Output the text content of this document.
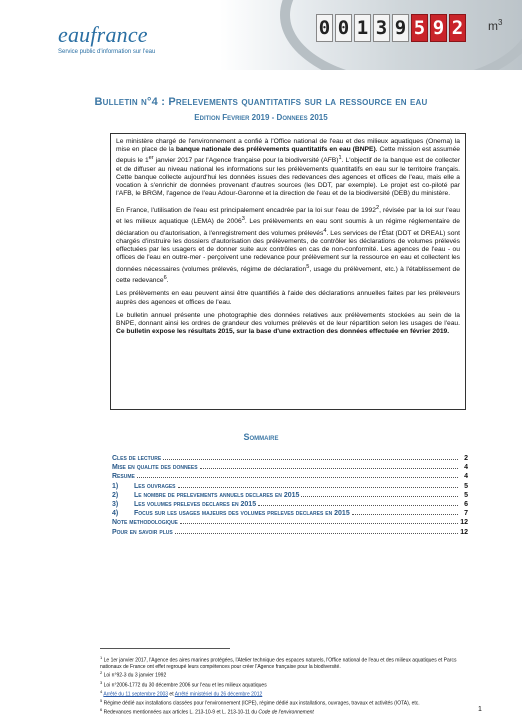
eaufrance
Service public d'information sur l'eau
0 0 1 3 9 5 9 2 $m^3$
Bulletin n°4 : Prelevements quantitatifs sur la ressource en eau
Edition Fevrier 2019 - Donnees 2015

Le ministère chargé de l'environnement a confié à l'Office national de l'eau et des milieux aquatiques (Onema) la mise en place de la banque nationale des prélèvements quantitatifs en eau (BNPE). Cette mission est assumée depuis le 1er janvier 2017 par l'Agence française pour la biodiversité (AFB)$^1$. L'objectif de la banque est de collecter et de diffuser au niveau national les informations sur les prélèvements quantitatifs en eau sur le territoire français. Cette banque collecte aujourd'hui les données issues des redevances des agences et offices de l'eau, mais elle a vocation à s'enrichir de données provenant d'autres sources (les DDT, par exemple). Le projet est co-piloté par l'AFB, le BRGM, l'agence de l'eau Adour-Garonne et la direction de l'eau et de la biodiversité (DEB) du ministère.

En France, l'utilisation de l'eau est principalement encadrée par la loi sur l'eau de 1992$^2$, révisée par la loi sur l'eau et les milieux aquatique (LEMA) de 2006$^3$. Les prélèvements en eau sont soumis à un régime réglementaire de déclaration ou d'autorisation, à l'enregistrement des volumes prélevés$^4$. Les services de l'État (DDT et DREAL) sont chargés d'instruire les dossiers d'autorisation des prélèvements, de contrôler les déclarations de volumes prélevés effectuées par les usagers et de donner suite aux contrôles en cas de non-conformité. Les agences de l'eau - ou offices de l'eau en outre-mer - perçoivent une redevance pour prélèvement sur la ressource en eau et collectent les données nécessaires (volumes prélevés, régime de déclaration$^5$, usage du prélèvement, etc.) à l'établissement de cette redevance$^6$.

Les prélèvements en eau peuvent ainsi être quantifiés à l'aide des déclarations annuelles faites par les préleveurs auprès des agences et offices de l'eau.

Le bulletin annuel présente une photographie des données relatives aux prélèvements stockées au sein de la BNPE, donnant ainsi les ordres de grandeur des volumes prélevés et de leur répartition selon les usages de l'eau. Ce bulletin expose les résultats 2015, sur la base d'une extraction des données effectuée en février 2019.

Sommaire
Cles de lecture	2
Mise en qualite des donnees	4
Resume	4
1)	Les ouvrages	5
2)	Le nombre de prelevements annuels declares en 2015	5
3)	Les volumes preleves declares en 2015	6
4)	Focus sur les usages majeurs des volumes preleves declares en 2015	7
Note methodologique	12
Pour en savoir plus	12

$^1$ Le 1er janvier 2017, l'Agence des aires marines protégées, l'Atelier technique des espaces naturels, l'Office national de l'eau et des milieux aquatiques et Parcs nationaux de France ont effet regroupé leurs compétences pour créer l'Agence française pour la biodiversité.

$^2$ Loi n°92-3 du 3 janvier 1992

$^3$ Loi n°2006-1772 du 30 décembre 2006 sur l'eau et les milieux aquatiques

$^4$ Arrêté du 11 septembre 2003 et Arrêté ministériel du 26 décembre 2012

$^5$ Régime dédié aux installations classées pour l'environnement (ICPE), régime dédié aux installations, ouvrages, travaux et activités (IOTA), etc.

$^6$ Redevances mentionnées aux articles L. 213-10-9 et L. 213-10-11 du Code de l'environnement	1
